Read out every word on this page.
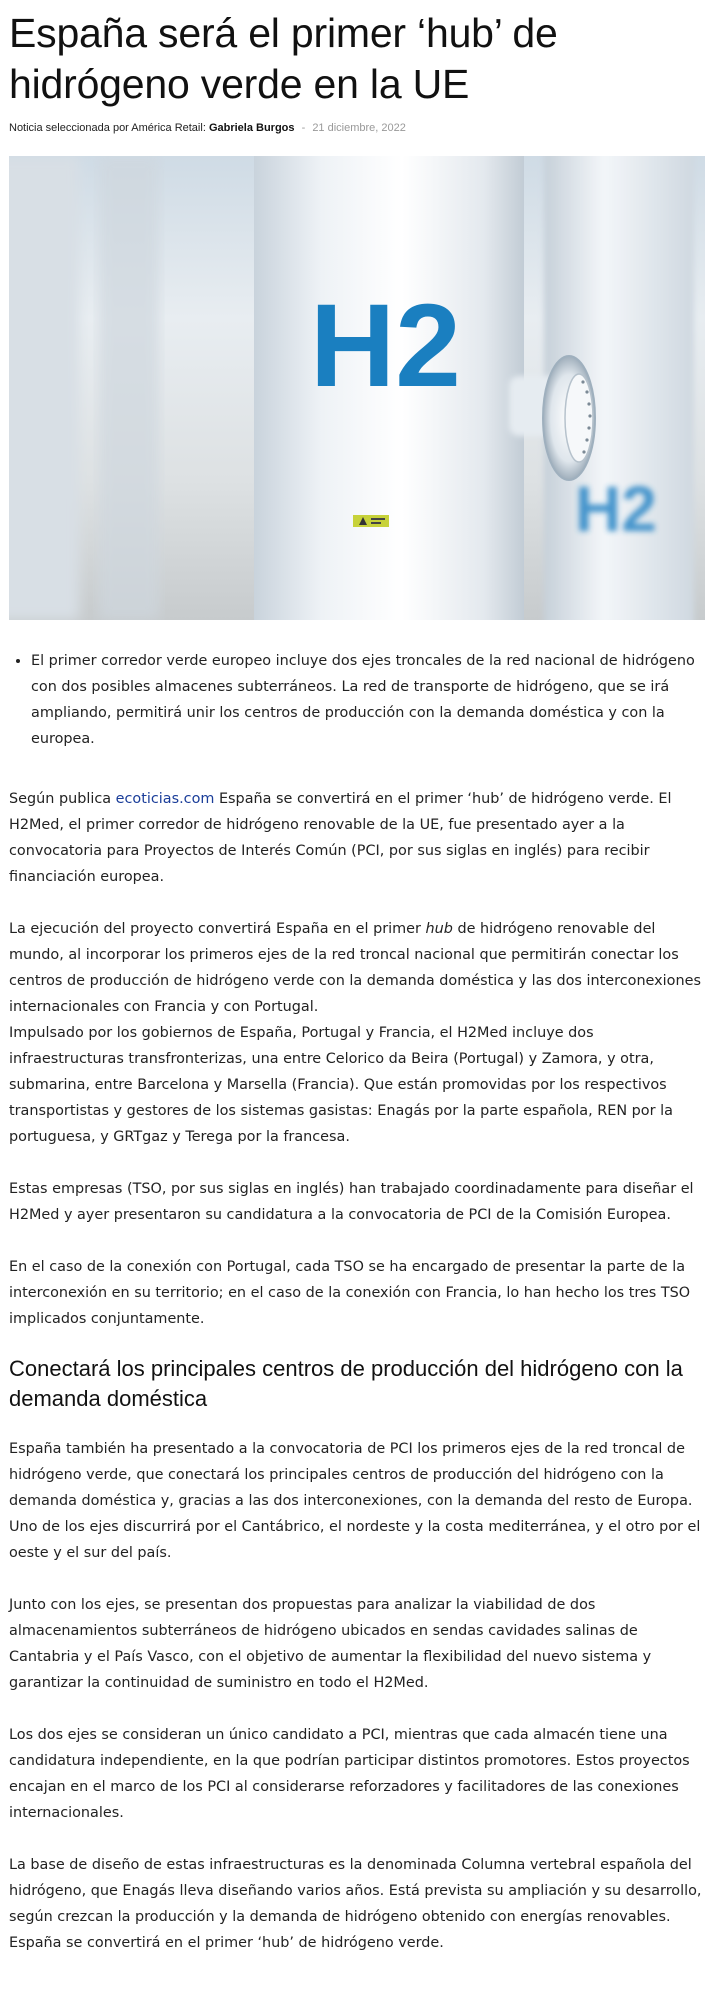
España será el primer ‘hub’ de hidrógeno verde en la UE
Noticia seleccionada por América Retail: Gabriela Burgos - 21 diciembre, 2022
H2
H2
• El primer corredor verde europeo incluye dos ejes troncales de la red nacional de hidrógeno con dos posibles almacenes subterráneos. La red de transporte de hidrógeno, que se irá ampliando, permitirá unir los centros de producción con la demanda doméstica y con la europea.

Según publica ecoticias.com España se convertirá en el primer ‘hub’ de hidrógeno verde. El H2Med, el primer corredor de hidrógeno renovable de la UE, fue presentado ayer a la convocatoria para Proyectos de Interés Común (PCI, por sus siglas en inglés) para recibir financiación europea.

La ejecución del proyecto convertirá España en el primer hub de hidrógeno renovable del mundo, al incorporar los primeros ejes de la red troncal nacional que permitirán conectar los centros de producción de hidrógeno verde con la demanda doméstica y las dos interconexiones internacionales con Francia y con Portugal.

Impulsado por los gobiernos de España, Portugal y Francia, el H2Med incluye dos infraestructuras transfronterizas, una entre Celorico da Beira (Portugal) y Zamora, y otra, submarina, entre Barcelona y Marsella (Francia). Que están promovidas por los respectivos transportistas y gestores de los sistemas gasistas: Enagás por la parte española, REN por la portuguesa, y GRTgaz y Terega por la francesa.

Estas empresas (TSO, por sus siglas en inglés) han trabajado coordinadamente para diseñar el H2Med y ayer presentaron su candidatura a la convocatoria de PCI de la Comisión Europea.

En el caso de la conexión con Portugal, cada TSO se ha encargado de presentar la parte de la interconexión en su territorio; en el caso de la conexión con Francia, lo han hecho los tres TSO implicados conjuntamente.

Conectará los principales centros de producción del hidrógeno con la demanda doméstica

España también ha presentado a la convocatoria de PCI los primeros ejes de la red troncal de hidrógeno verde, que conectará los principales centros de producción del hidrógeno con la demanda doméstica y, gracias a las dos interconexiones, con la demanda del resto de Europa. Uno de los ejes discurrirá por el Cantábrico, el nordeste y la costa mediterránea, y el otro por el oeste y el sur del país.

Junto con los ejes, se presentan dos propuestas para analizar la viabilidad de dos almacenamientos subterráneos de hidrógeno ubicados en sendas cavidades salinas de Cantabria y el País Vasco, con el objetivo de aumentar la flexibilidad del nuevo sistema y garantizar la continuidad de suministro en todo el H2Med.

Los dos ejes se consideran un único candidato a PCI, mientras que cada almacén tiene una candidatura independiente, en la que podrían participar distintos promotores. Estos proyectos encajan en el marco de los PCI al considerarse reforzadores y facilitadores de las conexiones internacionales.

La base de diseño de estas infraestructuras es la denominada Columna vertebral española del hidrógeno, que Enagás lleva diseñando varios años. Está prevista su ampliación y su desarrollo, según crezcan la producción y la demanda de hidrógeno obtenido con energías renovables. España se convertirá en el primer ‘hub’ de hidrógeno verde.
